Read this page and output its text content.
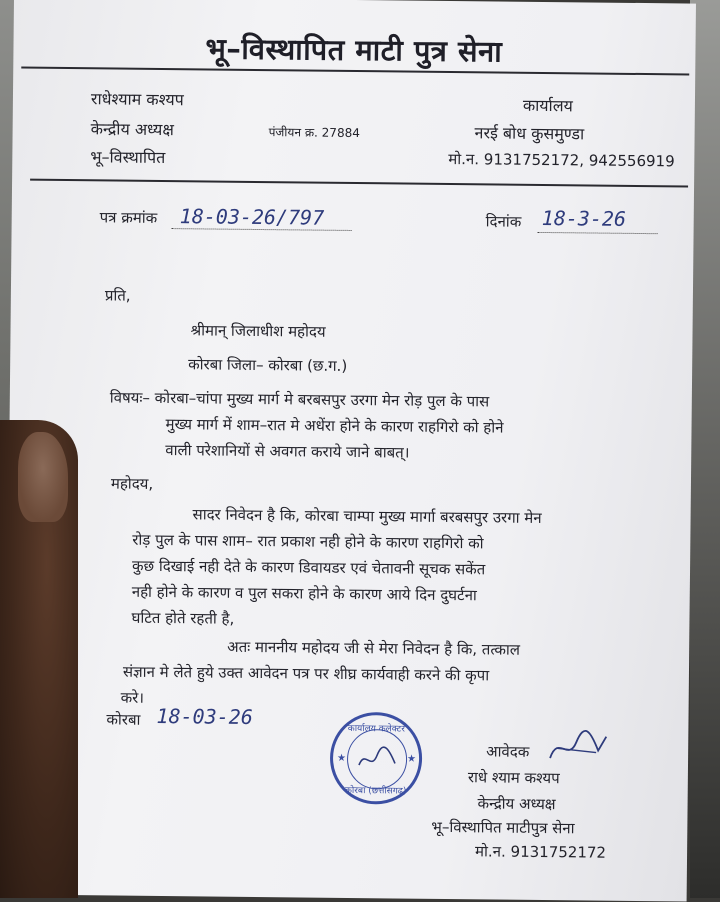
भू–विस्थापित माटी पुत्र सेना
राधेश्याम कश्यप
केन्द्रीय अध्यक्ष
भू–विस्थापित
पंजीयन क्र. 27884
कार्यालय
नरई बोध कुसमुण्डा
मो.न. 9131752172, 942556919
पत्र क्रमांक 18-03-26/797	दिनांक 18-3-26
प्रति,
श्रीमान् जिलाधीश महोदय
कोरबा जिला– कोरबा (छ.ग.)
विषयः– कोरबा–चांपा मुख्य मार्ग मे बरबसपुर उरगा मेन रोड़ पुल के पास
मुख्य मार्ग में शाम–रात मे अधेंरा होने के कारण राहगिरो को होने
वाली परेशानियों से अवगत कराये जाने बाबत्।
महोदय,
सादर निवेदन है कि, कोरबा चाम्पा मुख्य मार्गा बरबसपुर उरगा मेन
रोड़ पुल के पास शाम– रात प्रकाश नही होने के कारण राहगिरो को
कुछ दिखाई नही देते के कारण डिवायडर एवं चेतावनी सूचक सकेंत
नही होने के कारण व पुल सकरा होने के कारण आये दिन दुघर्टना
घटित होते रहती है,
अतः माननीय महोदय जी से मेरा निवेदन है कि, तत्काल
संज्ञान मे लेते हुये उक्त आवेदन पत्र पर शीघ्र कार्यवाही करने की कृपा
करे।
कोरबा 18-03-26
कार्यालय कलेक्टर
कोरबा (छत्तीसगढ़)
★	★	आवेदक
राधे श्याम कश्यप
केन्द्रीय अध्यक्ष
भू–विस्थापित माटीपुत्र सेना
मो.न. 9131752172
